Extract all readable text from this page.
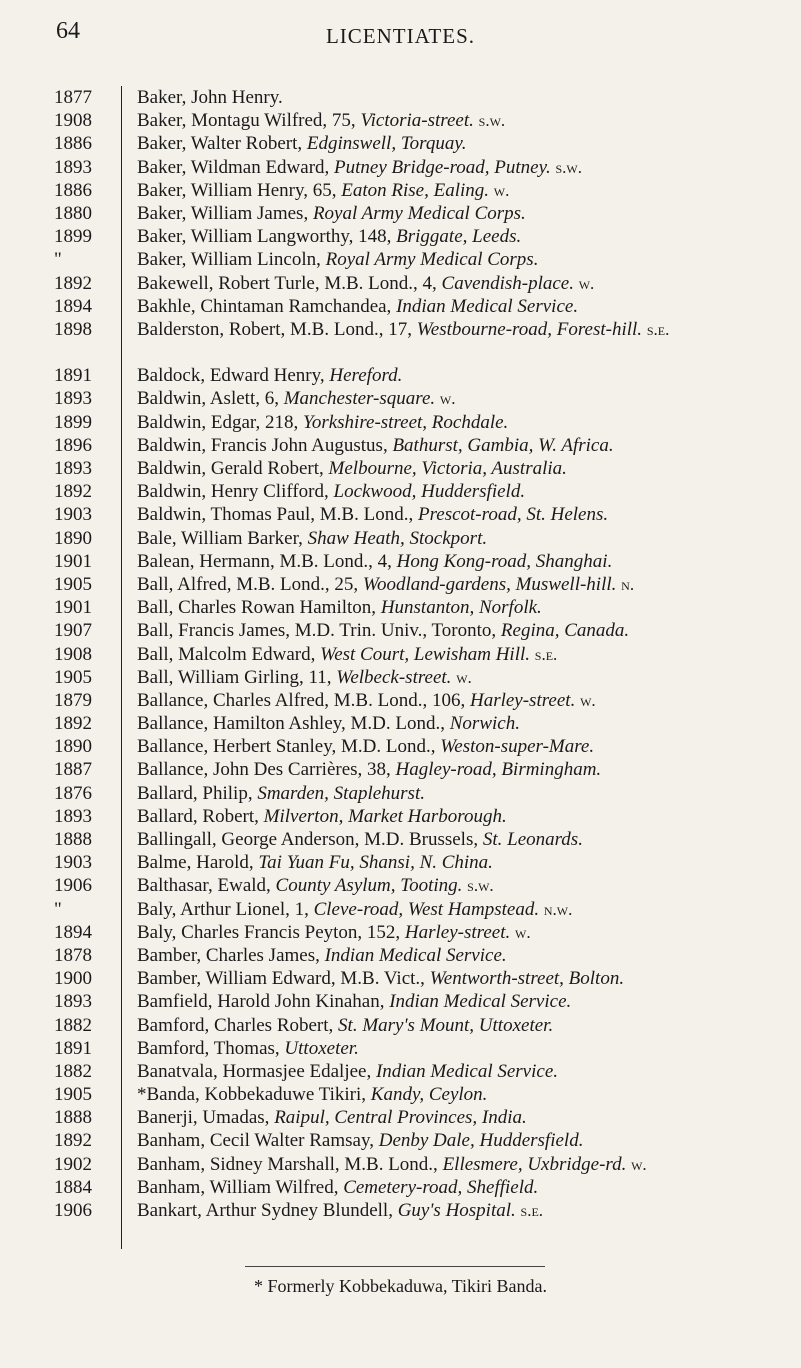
64	LICENTIATES.
1877
1908
1886
1893
1886
1880
1899
"
1892
1894
1898
1891
1893
1899
1896
1893
1892
1903
1890
1901
1905
1901
1907
1908
1905
1879
1892
1890
1887
1876
1893
1888
1903
1906
"
1894
1878
1900
1893
1882
1891
1882
1905
1888
1892
1902
1884
1906
Baker, John Henry.
Baker, Montagu Wilfred, 75, Victoria-street. s.w.
Baker, Walter Robert, Edginswell, Torquay.
Baker, Wildman Edward, Putney Bridge-road, Putney. s.w.
Baker, William Henry, 65, Eaton Rise, Ealing. w.
Baker, William James, Royal Army Medical Corps.
Baker, William Langworthy, 148, Briggate, Leeds.
Baker, William Lincoln, Royal Army Medical Corps.
Bakewell, Robert Turle, M.B. Lond., 4, Cavendish-place. w.
Bakhle, Chintaman Ramchandea, Indian Medical Service.
Balderston, Robert, M.B. Lond., 17, Westbourne-road, Forest-hill. s.e.
Baldock, Edward Henry, Hereford.
Baldwin, Aslett, 6, Manchester-square. w.
Baldwin, Edgar, 218, Yorkshire-street, Rochdale.
Baldwin, Francis John Augustus, Bathurst, Gambia, W. Africa.
Baldwin, Gerald Robert, Melbourne, Victoria, Australia.
Baldwin, Henry Clifford, Lockwood, Huddersfield.
Baldwin, Thomas Paul, M.B. Lond., Prescot-road, St. Helens.
Bale, William Barker, Shaw Heath, Stockport.
Balean, Hermann, M.B. Lond., 4, Hong Kong-road, Shanghai.
Ball, Alfred, M.B. Lond., 25, Woodland-gardens, Muswell-hill. n.
Ball, Charles Rowan Hamilton, Hunstanton, Norfolk.
Ball, Francis James, M.D. Trin. Univ., Toronto, Regina, Canada.
Ball, Malcolm Edward, West Court, Lewisham Hill. s.e.
Ball, William Girling, 11, Welbeck-street. w.
Ballance, Charles Alfred, M.B. Lond., 106, Harley-street. w.
Ballance, Hamilton Ashley, M.D. Lond., Norwich.
Ballance, Herbert Stanley, M.D. Lond., Weston-super-Mare.
Ballance, John Des Carrières, 38, Hagley-road, Birmingham.
Ballard, Philip, Smarden, Staplehurst.
Ballard, Robert, Milverton, Market Harborough.
Ballingall, George Anderson, M.D. Brussels, St. Leonards.
Balme, Harold, Tai Yuan Fu, Shansi, N. China.
Balthasar, Ewald, County Asylum, Tooting. s.w.
Baly, Arthur Lionel, 1, Cleve-road, West Hampstead. n.w.
Baly, Charles Francis Peyton, 152, Harley-street. w.
Bamber, Charles James, Indian Medical Service.
Bamber, William Edward, M.B. Vict., Wentworth-street, Bolton.
Bamfield, Harold John Kinahan, Indian Medical Service.
Bamford, Charles Robert, St. Mary's Mount, Uttoxeter.
Bamford, Thomas, Uttoxeter.
Banatvala, Hormasjee Edaljee, Indian Medical Service.
*Banda, Kobbekaduwe Tikiri, Kandy, Ceylon.
Banerji, Umadas, Raipul, Central Provinces, India.
Banham, Cecil Walter Ramsay, Denby Dale, Huddersfield.
Banham, Sidney Marshall, M.B. Lond., Ellesmere, Uxbridge-rd. w.
Banham, William Wilfred, Cemetery-road, Sheffield.
Bankart, Arthur Sydney Blundell, Guy's Hospital. s.e.
* Formerly Kobbekaduwa, Tikiri Banda.
